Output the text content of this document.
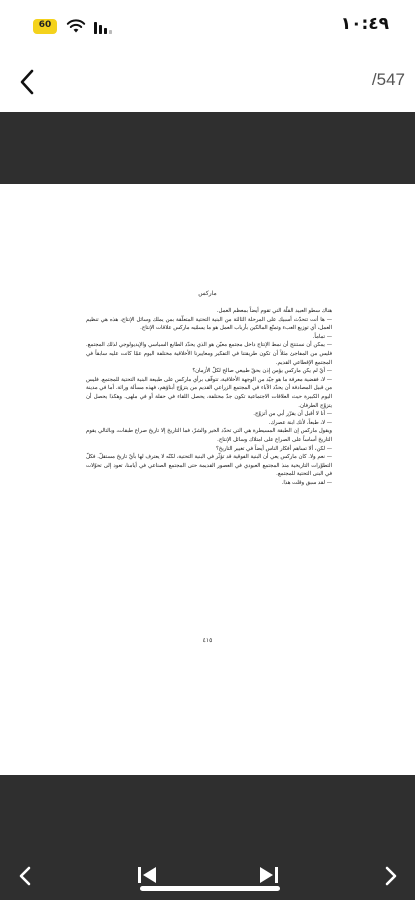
60	١٠:٤٩
/547
ماركس

هناك سطو العبيد القلّة التي تقوم أيضاً بمعظم العمل.

— ها أنت تتحدّث أسبيك على المرحلة الثالثة من البنية التحتية المتعلّقة بمن يملك وسائل الإنتاج، هذه هي تنظيم العمل، أي توزيع العبء وتمتّع المالكين بأرباب العمل هو ما يسمّيه ماركس علاقات الإنتاج.

— تماماً.

— يمكن أن نستنتج أن نمط الإنتاج داخل مجتمع معيّن هو الذي يحدّد الطابع السياسي والإيديولوجي لذلك المجتمع. فليس من المفاجئ مثلاً أن تكون طريقتنا في التفكير ومعاييرنا الأخلاقية مختلفة اليوم عمّا كانت عليه سابقاً في المجتمع الإقطاعي القديم.

— أيّ لم يكن ماركس يؤمن إذن بحقّ طبيعي صالح لكلّ الأزمان؟

— لا، فقضية معرفة ما هو جيّد من الوجهة الأخلاقية، تتوقّف برأي ماركس على طبيعة البنية التحتية للمجتمع. فليس من قبيل المصادفة أن يحدّد الآباء في المجتمع الزراعي القديم من يتزوّج أبناؤهم، فهذه مسألة وراثة. أما في مدينة اليوم الكبيرة حيث العلاقات الاجتماعية تكون جدّ مختلفة، يحصل اللقاء في حفلة أو في ملهى. وهكذا يحصل أن يتزوّج الطرفان.

— أنا لا أقبل أن يقرّر أبي من أتزوّج.

— لا، طبعاً، لأنك ابنة عصرك.

ويقول ماركس إن الطبقة المسيطرة هي التي تحدّد الخير والشرّ، فما التاريخ إلا تاريخ صراع طبقات، وبالتالي يقوم التاريخ أساساً على الصراع على امتلاك وسائل الإنتاج.

— لكن، ألا تساهم أفكار الناس أيضاً في تغيير التاريخ؟

— نعم ولا. كان ماركس يعي أن البنية الفوقية قد تؤثّر في البنية التحتية، لكنّه لا يعترف لها بأيّ تاريخ مستقلّ. فكلّ التطوّرات التاريخية منذ المجتمع العبودي في العصور القديمة حتى المجتمع الصناعي في أيامنا، تعود إلى تحوّلات في البنى التحتية للمجتمع.

— لقد سبق وقلت هذا.

٤١٥
